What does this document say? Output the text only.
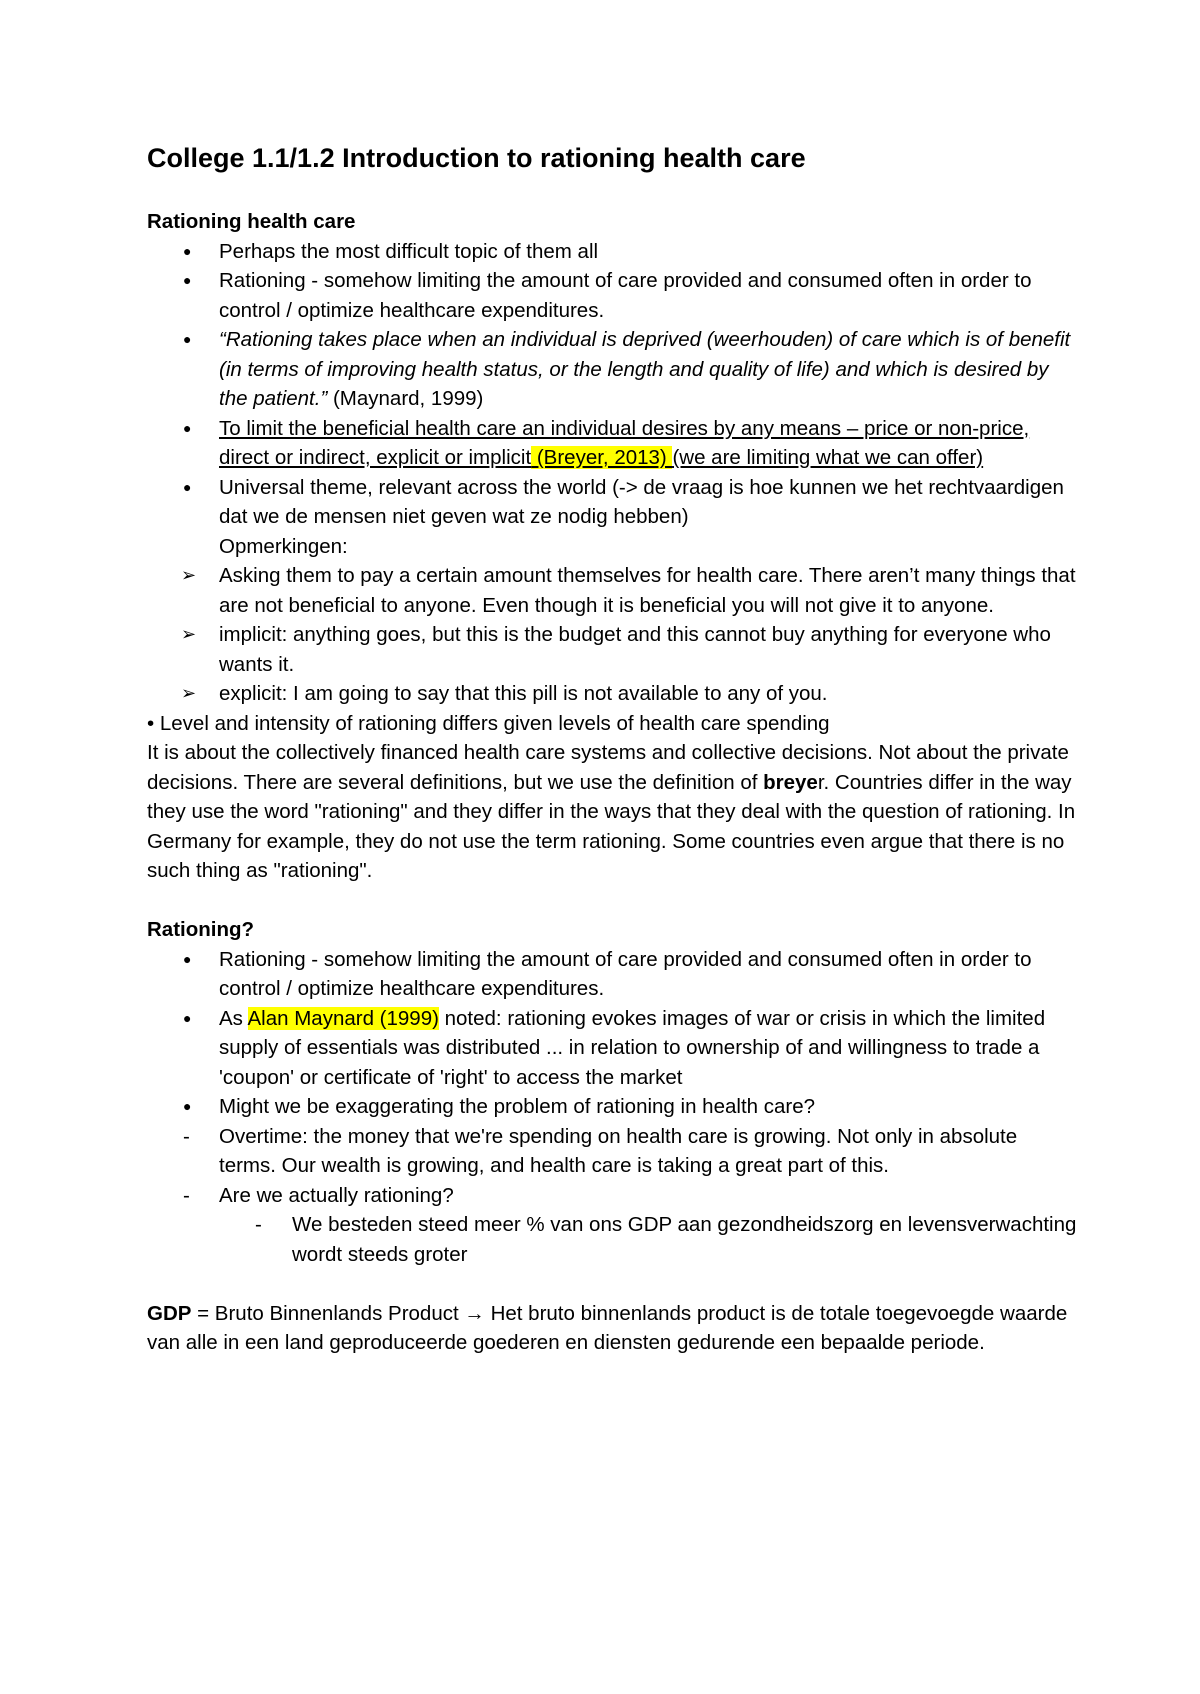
College 1.1/1.2 Introduction to rationing health care
Rationing health care
●	Perhaps the most difficult topic of them all
●	Rationing - somehow limiting the amount of care provided and consumed often in order to control / optimize healthcare expenditures.
●	“Rationing takes place when an individual is deprived (weerhouden) of care which is of benefit (in terms of improving health status, or the length and quality of life) and which is desired by the patient.” (Maynard, 1999)
●	To limit the beneficial health care an individual desires by any means – price or non-price, direct or indirect, explicit or implicit (Breyer, 2013) (we are limiting what we can offer)
●	Universal theme, relevant across the world (-> de vraag is hoe kunnen we het rechtvaardigen dat we de mensen niet geven wat ze nodig hebben)
Opmerkingen:
➢	Asking them to pay a certain amount themselves for health care. There aren’t many things that are not beneficial to anyone. Even though it is beneficial you will not give it to anyone.
➢	implicit: anything goes, but this is the budget and this cannot buy anything for everyone who wants it.
➢	explicit: I am going to say that this pill is not available to any of you.

• Level and intensity of rationing differs given levels of health care spending

It is about the collectively financed health care systems and collective decisions. Not about the private decisions. There are several definitions, but we use the definition of breyer. Countries differ in the way they use the word "rationing" and they differ in the ways that they deal with the question of rationing. In Germany for example, they do not use the term rationing. Some countries even argue that there is no such thing as "rationing".

Rationing?
●	Rationing - somehow limiting the amount of care provided and consumed often in order to control / optimize healthcare expenditures.
●	As Alan Maynard (1999) noted: rationing evokes images of war or crisis in which the limited supply of essentials was distributed ... in relation to ownership of and willingness to trade a 'coupon' or certificate of 'right' to access the market
●	Might we be exaggerating the problem of rationing in health care?
-	Overtime: the money that we're spending on health care is growing. Not only in absolute terms. Our wealth is growing, and health care is taking a great part of this.
-	Are we actually rationing?
-	We besteden steed meer % van ons GDP aan gezondheidszorg en levensverwachting wordt steeds groter

GDP = Bruto Binnenlands Product → Het bruto binnenlands product is de totale toegevoegde waarde van alle in een land geproduceerde goederen en diensten gedurende een bepaalde periode.
